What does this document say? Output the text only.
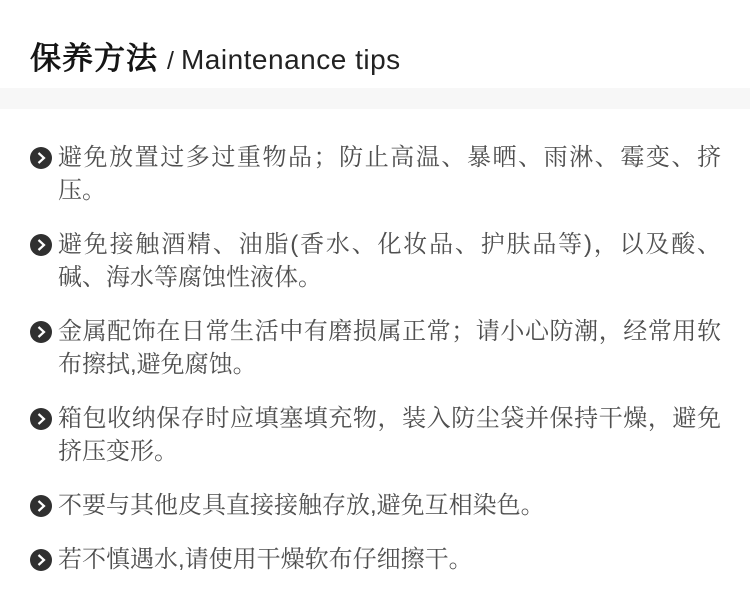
保养方法 / Maintenance tips
避免放置过多过重物品；防止高温、暴晒、雨淋、霉变、挤压。
避免接触酒精、油脂(香水、化妆品、护肤品等)，以及酸、碱、海水等腐蚀性液体。
金属配饰在日常生活中有磨损属正常；请小心防潮，经常用软布擦拭,避免腐蚀。
箱包收纳保存时应填塞填充物，装入防尘袋并保持干燥，避免挤压变形。
不要与其他皮具直接接触存放,避免互相染色。
若不慎遇水,请使用干燥软布仔细擦干。
